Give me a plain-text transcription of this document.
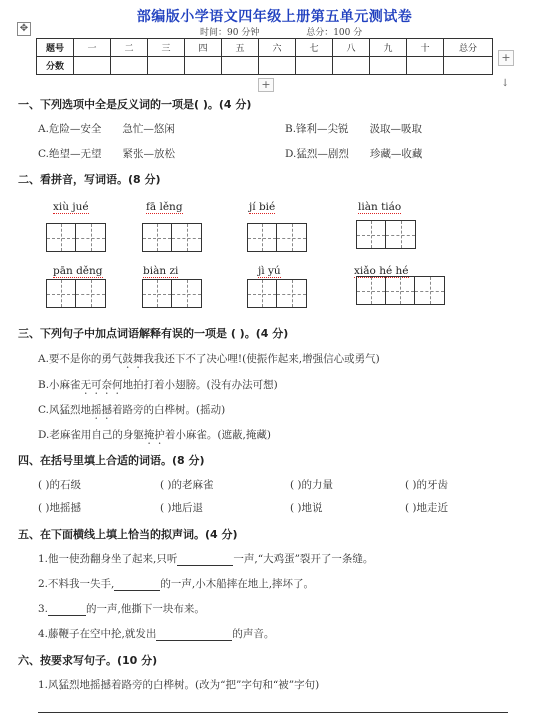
部编版小学语文四年级上册第五单元测试卷
时间：90 分钟	总分：100 分
✥
题号	一	二	三	四	五	六	七	八	九	十	总分
分数											
+
+	↓
一、下列选项中全是反义词的一项是( )。(4 分)
A.危险—安全　　急忙—悠闲	B.锋利—尖锐　　汲取—吸取
C.绝望—无望　　紧张—放松	D.猛烈—剧烈　　珍藏—收藏
二、看拼音，写词语。(8 分)
xiù jué	fā lěng	jí bié	liàn tiáo
pān děng	biàn zi	jì yú	xiǎo hé hé
三、下列句子中加点词语解释有误的一项是 ( )。(4 分)
A.要不是你的勇气鼓舞我我还下不了决心哩!(使振作起来,增强信心或勇气)
B.小麻雀无可奈何地拍打着小翅膀。(没有办法可想)
C.风猛烈地摇撼着路旁的白桦树。(摇动)
D.老麻雀用自己的身躯掩护着小麻雀。(遮蔽,掩藏)
四、在括号里填上合适的词语。(8 分)
( )的石级	( )的老麻雀	( )的力量	( )的牙齿
( )地摇撼	( )地后退	( )地说	( )地走近
五、在下面横线上填上恰当的拟声词。(4 分)
1.他一使劲翻身坐了起来,只听	一声,“大鸡蛋”裂开了一条缝。
2.不料我一失手,	的一声,小木船摔在地上,摔坏了。
3.	的一声,他撕下一块布来。
4.藤鞭子在空中抡,就发出	的声音。
六、按要求写句子。(10 分)
1.风猛烈地摇撼着路旁的白桦树。(改为“把”字句和“被”字句)
